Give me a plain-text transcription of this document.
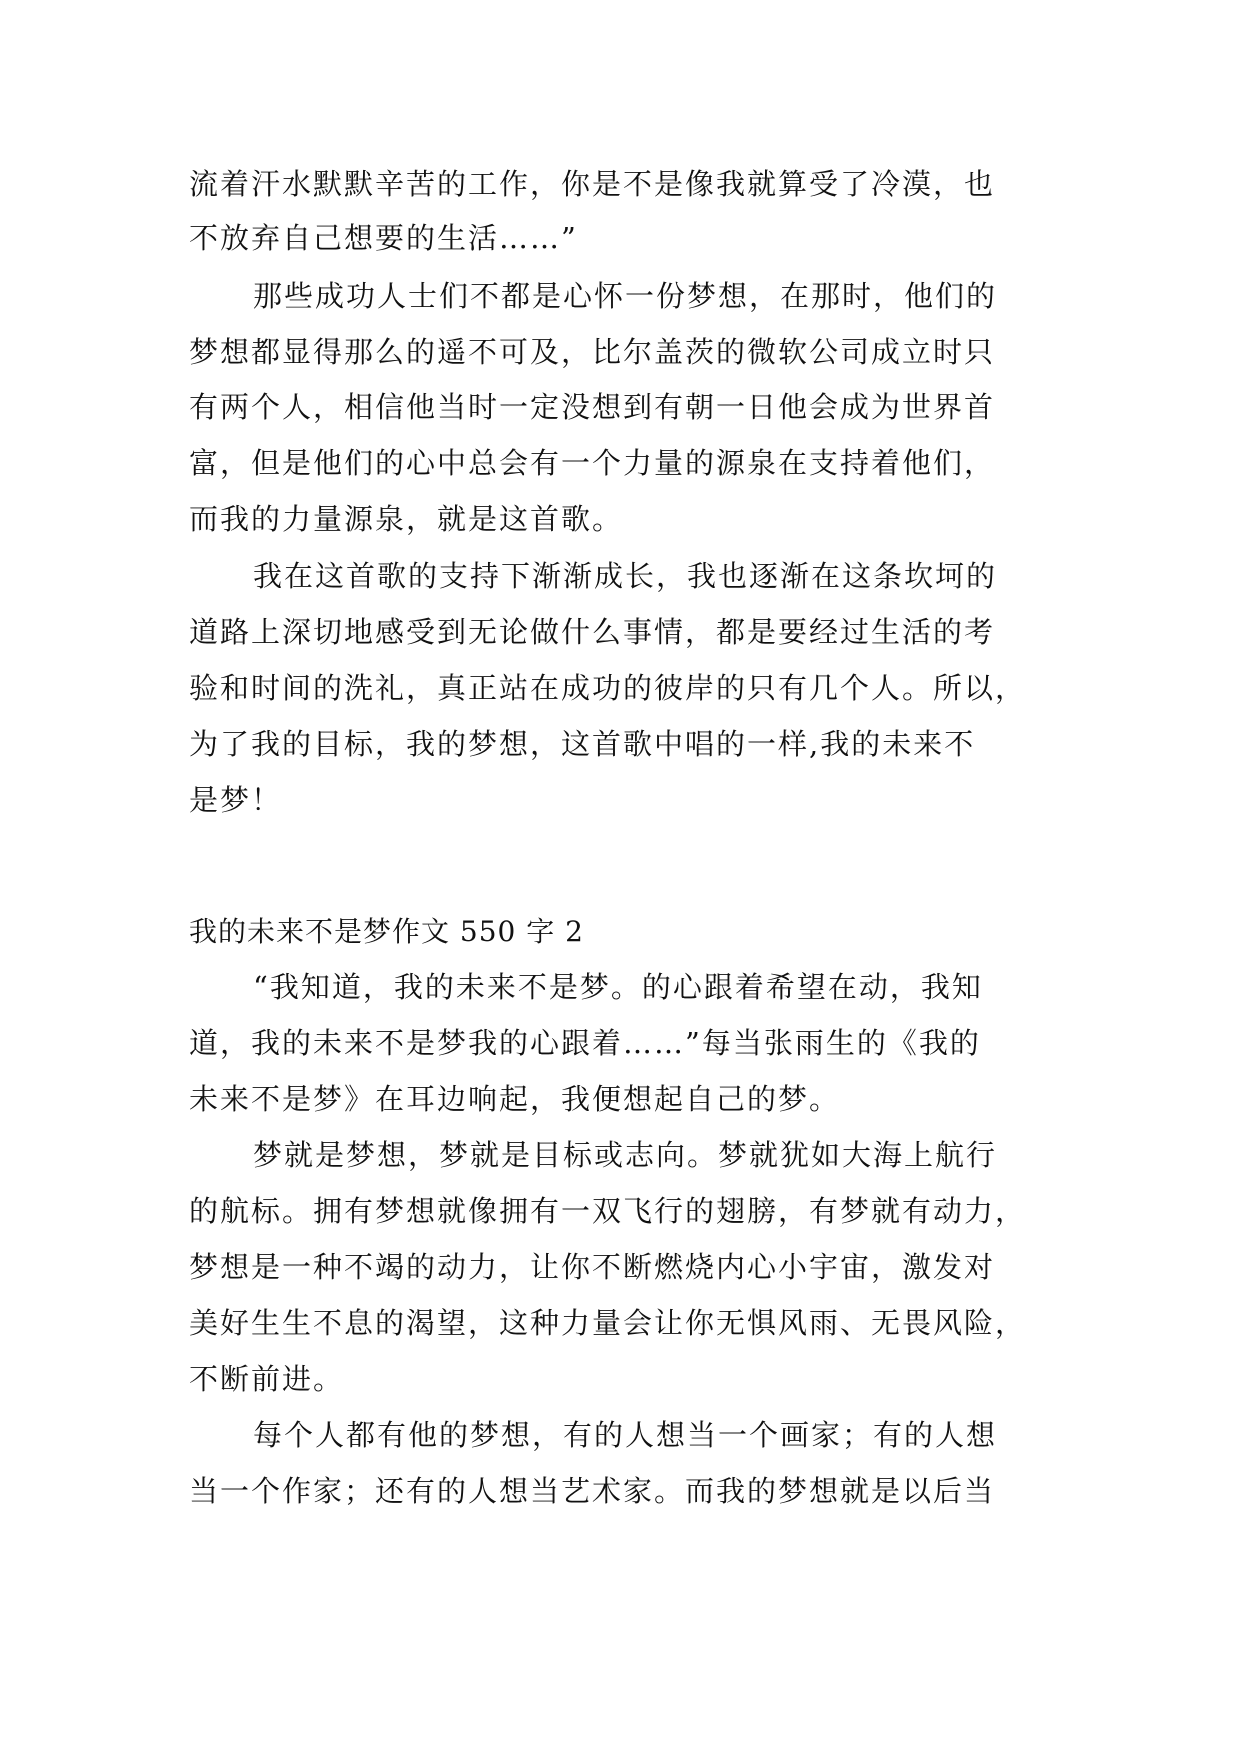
流着汗水默默辛苦的工作，你是不是像我就算受了冷漠，也
不放弃自己想要的生活……”
那些成功人士们不都是心怀一份梦想，在那时，他们的
梦想都显得那么的遥不可及，比尔盖茨的微软公司成立时只
有两个人，相信他当时一定没想到有朝一日他会成为世界首
富，但是他们的心中总会有一个力量的源泉在支持着他们，
而我的力量源泉，就是这首歌。
我在这首歌的支持下渐渐成长，我也逐渐在这条坎坷的
道路上深切地感受到无论做什么事情，都是要经过生活的考
验和时间的洗礼，真正站在成功的彼岸的只有几个人。所以，
为了我的目标，我的梦想，这首歌中唱的一样,我的未来不
是梦！
我的未来不是梦作文 550 字 2
“我知道，我的未来不是梦。的心跟着希望在动，我知
道，我的未来不是梦我的心跟着……”每当张雨生的《我的
未来不是梦》在耳边响起，我便想起自己的梦。
梦就是梦想，梦就是目标或志向。梦就犹如大海上航行
的航标。拥有梦想就像拥有一双飞行的翅膀，有梦就有动力，
梦想是一种不竭的动力，让你不断燃烧内心小宇宙，激发对
美好生生不息的渴望，这种力量会让你无惧风雨、无畏风险，
不断前进。
每个人都有他的梦想，有的人想当一个画家；有的人想
当一个作家；还有的人想当艺术家。而我的梦想就是以后当
